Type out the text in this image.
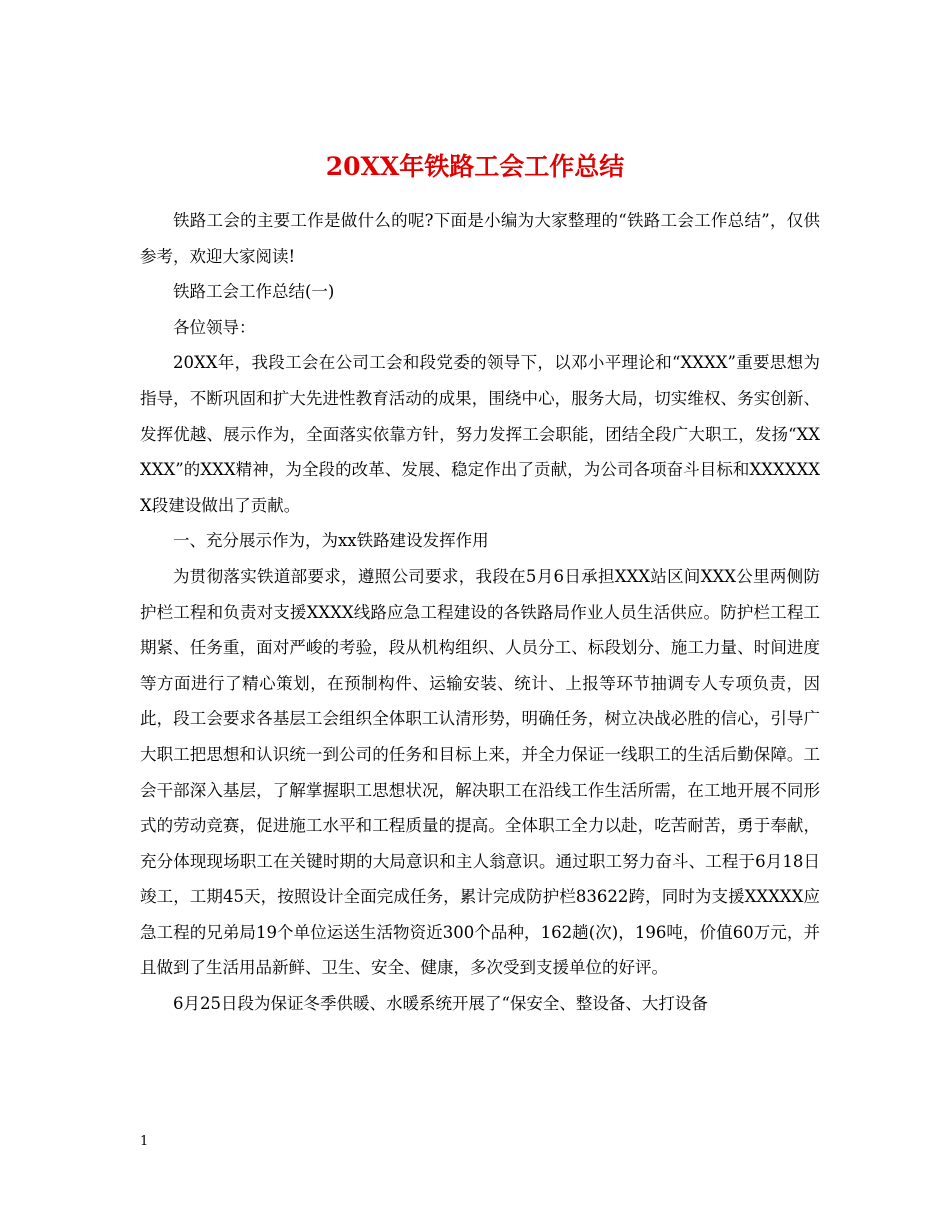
20XX年铁路工会工作总结

铁路工会的主要工作是做什么的呢?下面是小编为大家整理的“铁路工会工作总结”，仅供参考，欢迎大家阅读!

铁路工会工作总结(一)

各位领导：

20XX年，我段工会在公司工会和段党委的领导下，以邓小平理论和“XXXX”重要思想为指导，不断巩固和扩大先进性教育活动的成果，围绕中心，服务大局，切实维权、务实创新、发挥优越、展示作为，全面落实依靠方针，努力发挥工会职能，团结全段广大职工，发扬“XXXXX”的XXX精神，为全段的改革、发展、稳定作出了贡献，为公司各项奋斗目标和XXXXXXX段建设做出了贡献。

一、充分展示作为，为xx铁路建设发挥作用

为贯彻落实铁道部要求，遵照公司要求，我段在5月6日承担XXX站区间XXX公里两侧防护栏工程和负责对支援XXXX线路应急工程建设的各铁路局作业人员生活供应。防护栏工程工期紧、任务重，面对严峻的考验，段从机构组织、人员分工、标段划分、施工力量、时间进度等方面进行了精心策划，在预制构件、运输安装、统计、上报等环节抽调专人专项负责，因此，段工会要求各基层工会组织全体职工认清形势，明确任务，树立决战必胜的信心，引导广大职工把思想和认识统一到公司的任务和目标上来，并全力保证一线职工的生活后勤保障。工会干部深入基层，了解掌握职工思想状况，解决职工在沿线工作生活所需，在工地开展不同形式的劳动竞赛，促进施工水平和工程质量的提高。全体职工全力以赴，吃苦耐苦，勇于奉献，充分体现现场职工在关键时期的大局意识和主人翁意识。通过职工努力奋斗、工程于6月18日竣工，工期45天，按照设计全面完成任务，累计完成防护栏83622跨，同时为支援XXXXX应急工程的兄弟局19个单位运送生活物资近300个品种，162趟(次)，196吨，价值60万元，并且做到了生活用品新鲜、卫生、安全、健康，多次受到支援单位的好评。

6月25日段为保证冬季供暖、水暖系统开展了“保安全、整设备、大打设备

1
